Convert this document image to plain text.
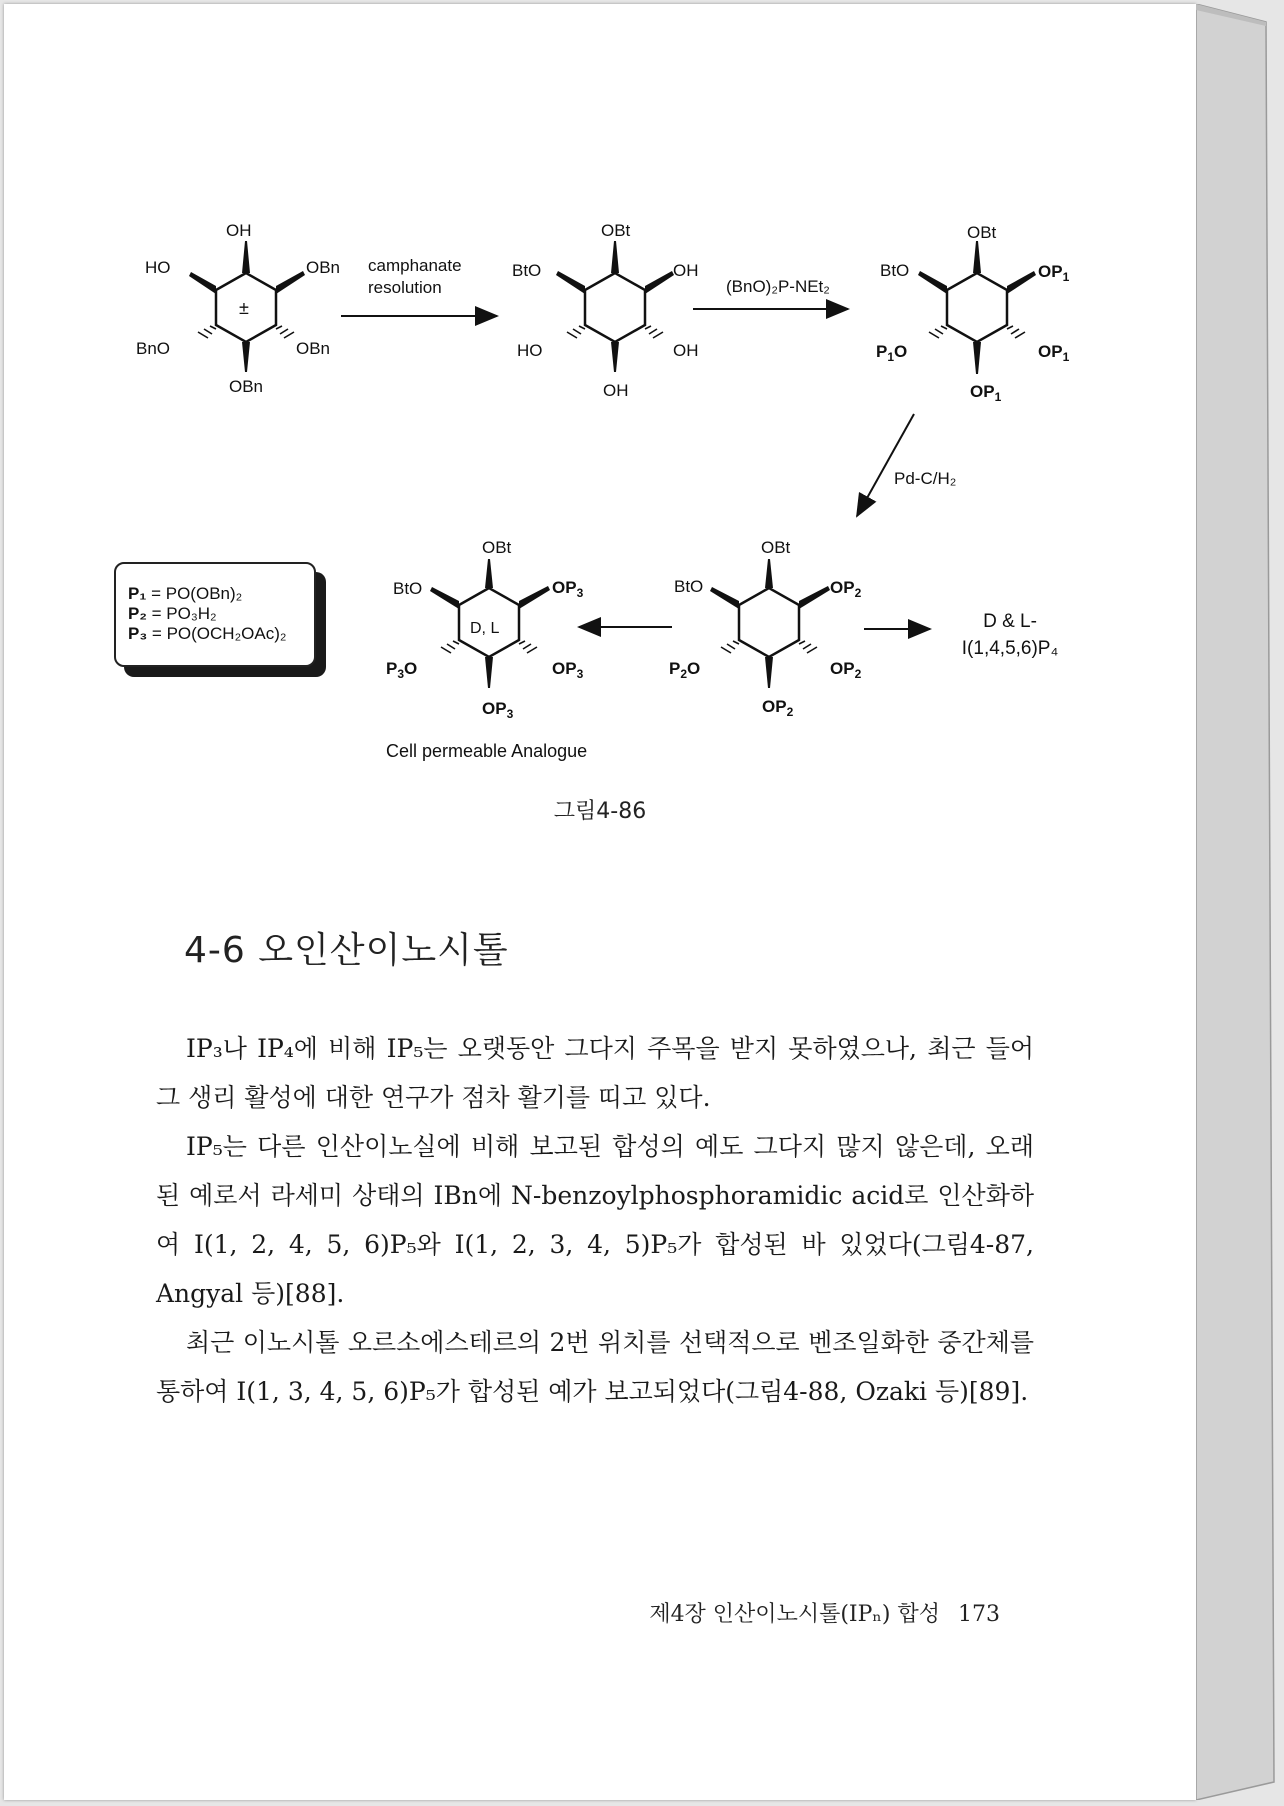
OH
HO	OBn
BnO	OBn
OBn
±
camphanate
resolution
OBt
BtO	OH
HO	OH
OH
(BnO)₂P-NEt₂
OBt
BtO	$OP_1$
$P_1O$	$OP_1$
$OP_1$
Pd-C/H₂
OBt
BtO	$OP_2$
$P_2O$	$OP_2$
$OP_2$
D & L-
I(1,4,5,6)P₄
OBt
BtO	$OP_3$
$P_3O$	$OP_3$
$OP_3$
D, L
Cell permeable Analogue
P₁ = PO(OBn)₂
P₂ = PO₃H₂
P₃ = PO(OCH₂OAc)₂
그림4-86
4-6 오인산이노시톨

IP₃나 IP₄에 비해 IP₅는 오랫동안 그다지 주목을 받지 못하였으나, 최근 들어 그 생리 활성에 대한 연구가 점차 활기를 띠고 있다.

IP₅는 다른 인산이노실에 비해 보고된 합성의 예도 그다지 많지 않은데, 오래된 예로서 라세미 상태의 IBn에 N-benzoylphosphoramidic acid로 인산화하여 I(1, 2, 4, 5, 6)P₅와 I(1, 2, 3, 4, 5)P₅가 합성된 바 있었다(그림4-87, Angyal 등)[88].

최근 이노시톨 오르소에스테르의 2번 위치를 선택적으로 벤조일화한 중간체를 통하여 I(1, 3, 4, 5, 6)P₅가 합성된 예가 보고되었다(그림4-88, Ozaki 등)[89].

제4장 인산이노시톨(IPₙ) 합성 173
